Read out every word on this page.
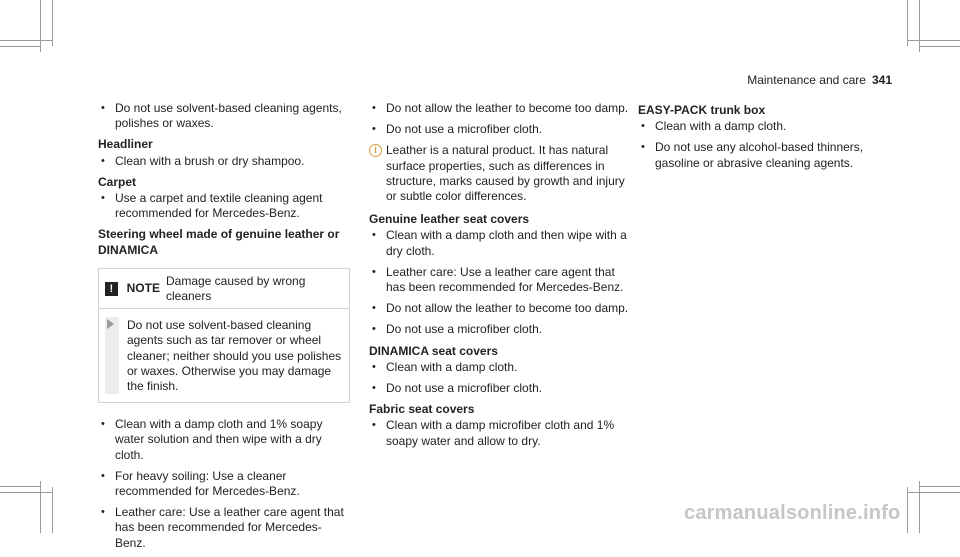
Maintenance and care 341
• Do not use solvent-based cleaning agents, polishes or waxes.
Headliner
• Clean with a brush or dry shampoo.
Carpet
• Use a carpet and textile cleaning agent recommended for Mercedes-Benz.
Steering wheel made of genuine leather or DINAMICA
!	NOTE
Damage caused by wrong cleaners
Do not use solvent-based cleaning agents such as tar remover or wheel cleaner; neither should you use polishes or waxes. Otherwise you may damage the finish.
• Clean with a damp cloth and 1% soapy water solution and then wipe with a dry cloth.
• For heavy soiling: Use a cleaner recommended for Mercedes-Benz.
• Leather care: Use a leather care agent that has been recommended for Mercedes-Benz.
• Do not allow the leather to become too damp.
• Do not use a microfiber cloth.
i Leather is a natural product. It has natural surface properties, such as differences in structure, marks caused by growth and injury or subtle color differences.
Genuine leather seat covers
• Clean with a damp cloth and then wipe with a dry cloth.
• Leather care: Use a leather care agent that has been recommended for Mercedes-Benz.
• Do not allow the leather to become too damp.
• Do not use a microfiber cloth.
DINAMICA seat covers
• Clean with a damp cloth.
• Do not use a microfiber cloth.
Fabric seat covers
• Clean with a damp microfiber cloth and 1% soapy water and allow to dry.
EASY-PACK trunk box
• Clean with a damp cloth.
• Do not use any alcohol-based thinners, gasoline or abrasive cleaning agents.
carmanualsonline.info
